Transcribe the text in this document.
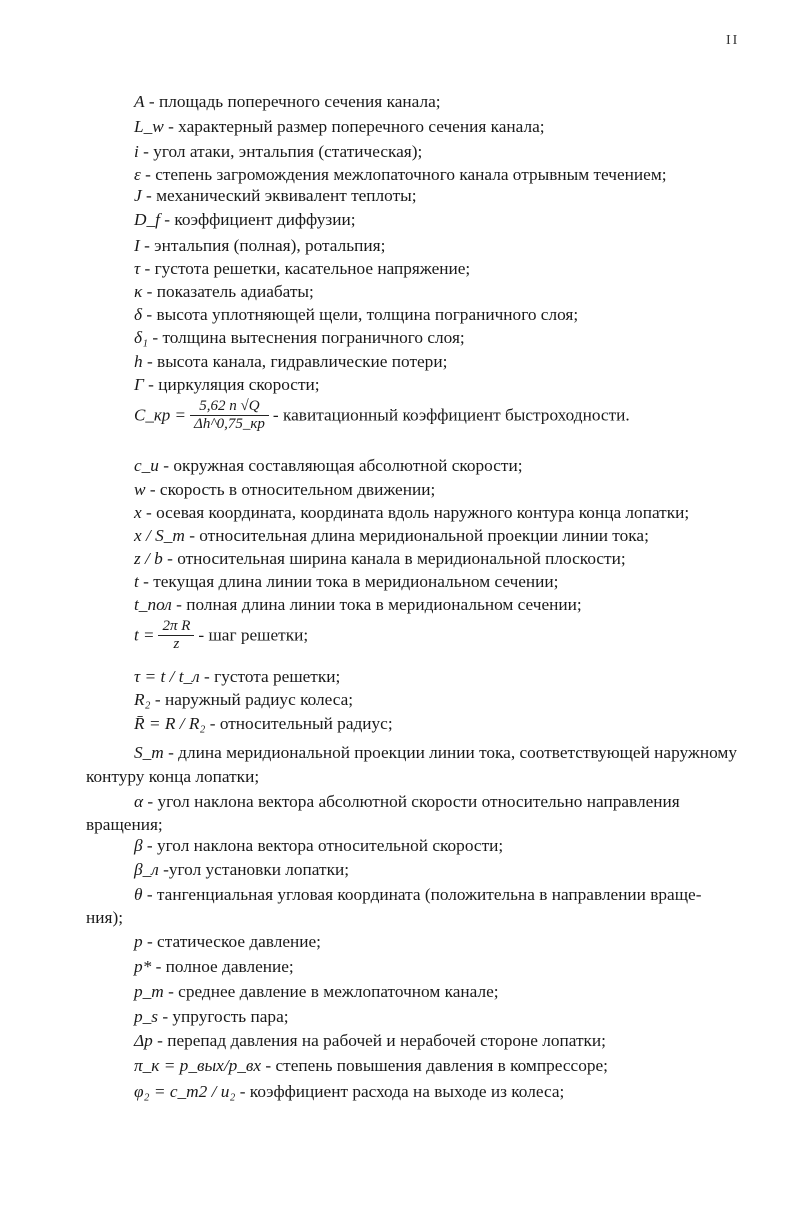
II
A - площадь поперечного сечения канала;
L_w - характерный размер поперечного сечения канала;
i - угол атаки, энтальпия (статическая);
ε - степень загромождения межлопаточного канала отрывным течением;
J - механический эквивалент теплоты;
D_f - коэффициент диффузии;
I - энтальпия (полная), ротальпия;
τ - густота решетки, касательное напряжение;
κ - показатель адиабаты;
δ - высота уплотняющей щели, толщина пограничного слоя;
δ₁ - толщина вытеснения пограничного слоя;
h - высота канала, гидравлические потери;
Γ - циркуляция скорости;
C_кр = $\frac{5,62 n √Q}{\Delta h\^{}0,75\_кр}$ - кавитационный коэффициент быстроходности.
c_u - окружная составляющая абсолютной скорости;
w - скорость в относительном движении;
x - осевая координата, координата вдоль наружного контура конца лопатки;
x / S_m - относительная длина меридиональной проекции линии тока;
z / b - относительная ширина канала в меридиональной плоскости;
t - текущая длина линии тока в меридиональном сечении;
t_пол - полная длина линии тока в меридиональном сечении;
$t = \frac{\text{2π R}}{z}$ - шаг решетки;
τ = t / t_л - густота решетки;
R₂ - наружный радиус колеса;
R̄ = R / R₂ - относительный радиус;
S_m - длина меридиональной проекции линии тока, соответствующей наружному
контуру конца лопатки;
α - угол наклона вектора абсолютной скорости относительно направления
вращения;
β - угол наклона вектора относительной скорости;
β_л -угол установки лопатки;
θ - тангенциальная угловая координата (положительна в направлении враще-
ния);
p - статическое давление;
p* - полное давление;
p_m - среднее давление в межлопаточном канале;
p_s - упругость пара;
Δp - перепад давления на рабочей и нерабочей стороне лопатки;
π_к = p_вых/p_вх - степень повышения давления в компрессоре;
φ₂ = c_m2 / u₂ - коэффициент расхода на выходе из колеса;
